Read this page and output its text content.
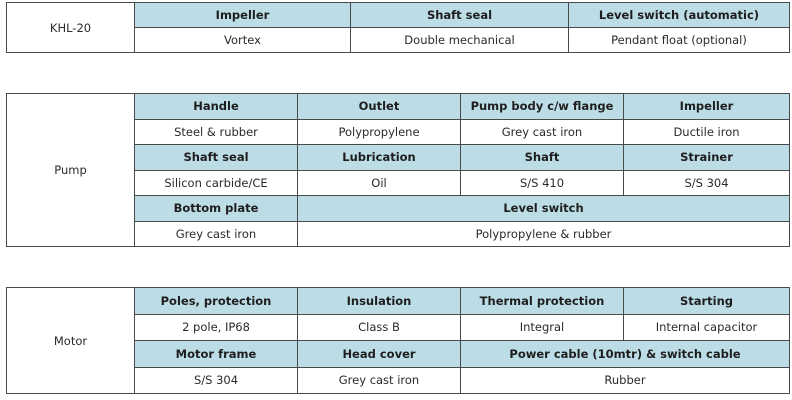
KHL-20	Impeller	Shaft seal	Level switch (automatic)
	Vortex	Double mechanical	Pendant float (optional)
Pump	Handle	Outlet	Pump body c/w flange	Impeller
	Steel & rubber	Polypropylene	Grey cast iron	Ductile iron
	Shaft seal	Lubrication	Shaft	Strainer
	Silicon carbide/CE	Oil	S/S 410	S/S 304
	Bottom plate	Level switch		
	Grey cast iron	Polypropylene & rubber		
Motor	Poles, protection	Insulation	Thermal protection	Starting
	2 pole, IP68	Class B	Integral	Internal capacitor
	Motor frame	Head cover	Power cable (10mtr) & switch cable	
	S/S 304	Grey cast iron	Rubber	
